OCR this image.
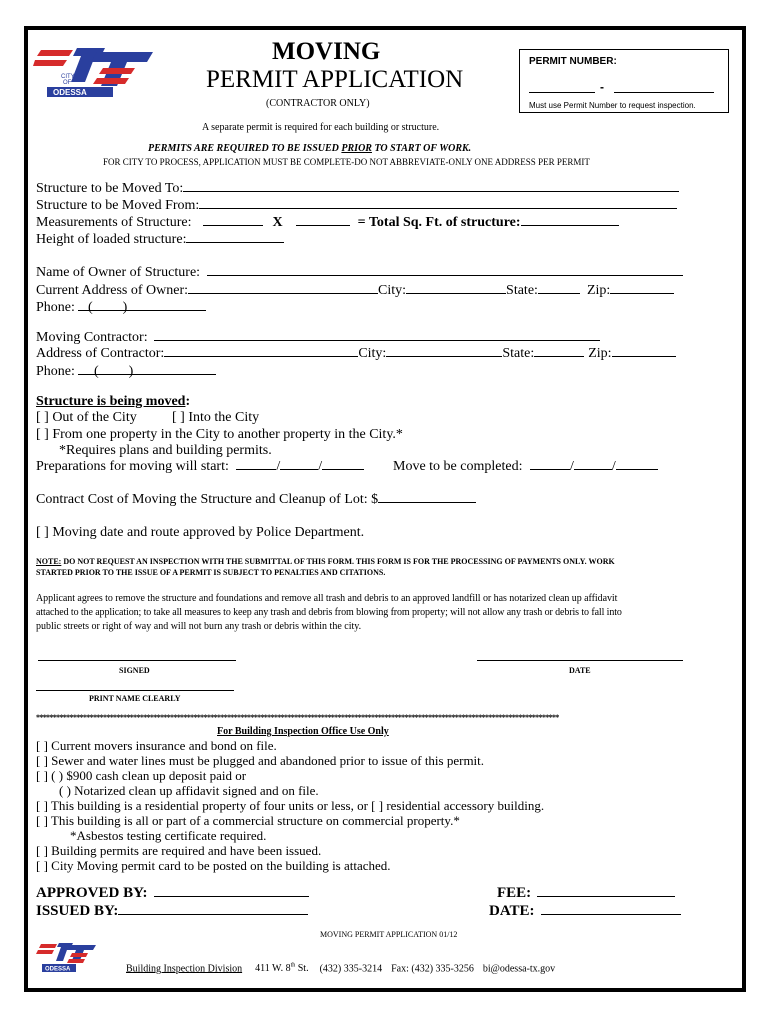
CITY
OF
ODESSA
MOVING
PERMIT APPLICATION
(CONTRACTOR ONLY)
PERMIT NUMBER:
-
Must use Permit Number to request inspection.
A separate permit is required for each building or structure.
PERMITS ARE REQUIRED TO BE ISSUED PRIOR TO START OF WORK.
FOR CITY TO PROCESS, APPLICATION MUST BE COMPLETE-DO NOT ABBREVIATE-ONLY ONE ADDRESS PER PERMIT
Structure to be Moved To:
Structure to be Moved From:
Measurements of Structure:	X	= Total Sq. Ft. of structure:
Height of loaded structure:
Name of Owner of Structure:
Current Address of Owner:	City:	State:	Zip:
Phone: ( )
Moving Contractor:
Address of Contractor:	City:	State:	Zip:
Phone:	( )
Structure is being moved:
[ ] Out of the City	[ ] Into the City
[ ] From one property in the City to another property in the City.*
*Requires plans and building permits.
Preparations for moving will start:	/	/	Move to be completed:	/	/
Contract Cost of Moving the Structure and Cleanup of Lot: $
[ ] Moving date and route approved by Police Department.
NOTE: DO NOT REQUEST AN INSPECTION WITH THE SUBMITTAL OF THIS FORM. THIS FORM IS FOR THE PROCESSING OF PAYMENTS ONLY. WORK
STARTED PRIOR TO THE ISSUE OF A PERMIT IS SUBJECT TO PENALTIES AND CITATIONS.
Applicant agrees to remove the structure and foundations and remove all trash and debris to an approved landfill or has notarized clean up affidavit
attached to the application; to take all measures to keep any trash and debris from blowing from property; will not allow any trash or debris to fall into
public streets or right of way and will not burn any trash or debris within the city.
SIGNED	DATE
PRINT NAME CLEARLY
************************************************************************************************************************************************************
For Building Inspection Office Use Only
[ ] Current movers insurance and bond on file.
[ ] Sewer and water lines must be plugged and abandoned prior to issue of this permit.
[ ] ( ) $900 cash clean up deposit paid or
( ) Notarized clean up affidavit signed and on file.
[ ] This building is a residential property of four units or less, or [ ] residential accessory building.
[ ] This building is all or part of a commercial structure on commercial property.*
*Asbestos testing certificate required.
[ ] Building permits are required and have been issued.
[ ] City Moving permit card to be posted on the building is attached.
APPROVED BY:
ISSUED BY:
FEE:
DATE:
MOVING PERMIT APPLICATION 01/12
ODESSA	Building Inspection Division 411 W. 8th St. (432) 335-3214 Fax: (432) 335-3256 bi@odessa-tx.gov
